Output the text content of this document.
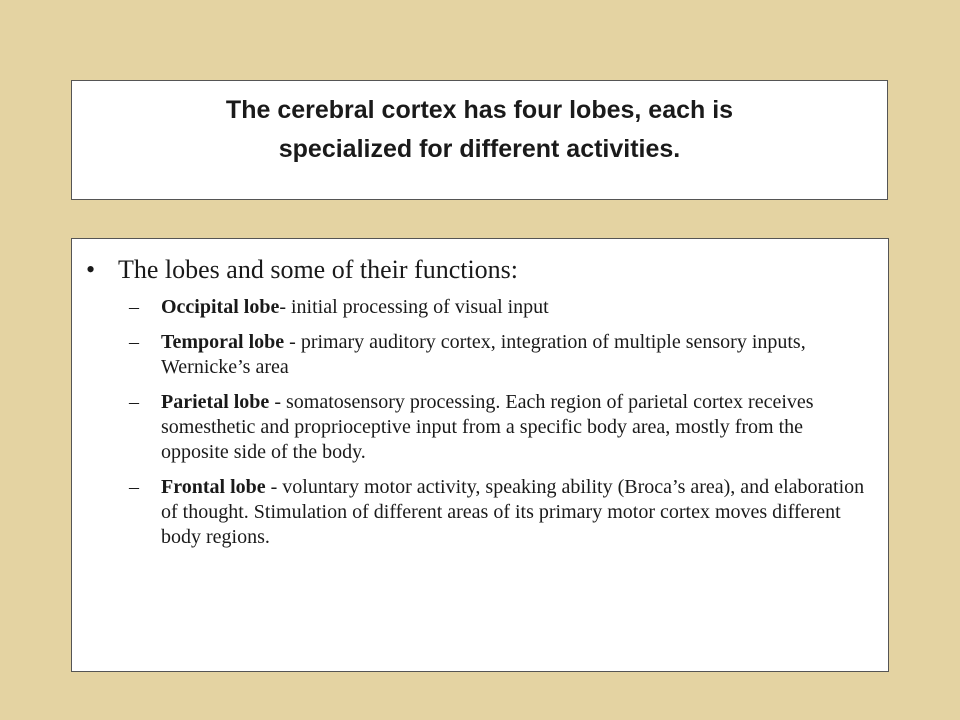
The cerebral cortex has four lobes, each is
specialized for different activities.
• The lobes and some of their functions:
–	Occipital lobe- initial processing of visual input
–	Temporal lobe - primary auditory cortex, integration of multiple sensory inputs, Wernicke’s area
–	Parietal lobe - somatosensory processing. Each region of parietal cortex receives somesthetic and proprioceptive input from a specific body area, mostly from the opposite side of the body.
–	Frontal lobe - voluntary motor activity, speaking ability (Broca’s area), and elaboration of thought. Stimulation of different areas of its primary motor cortex moves different body regions.
